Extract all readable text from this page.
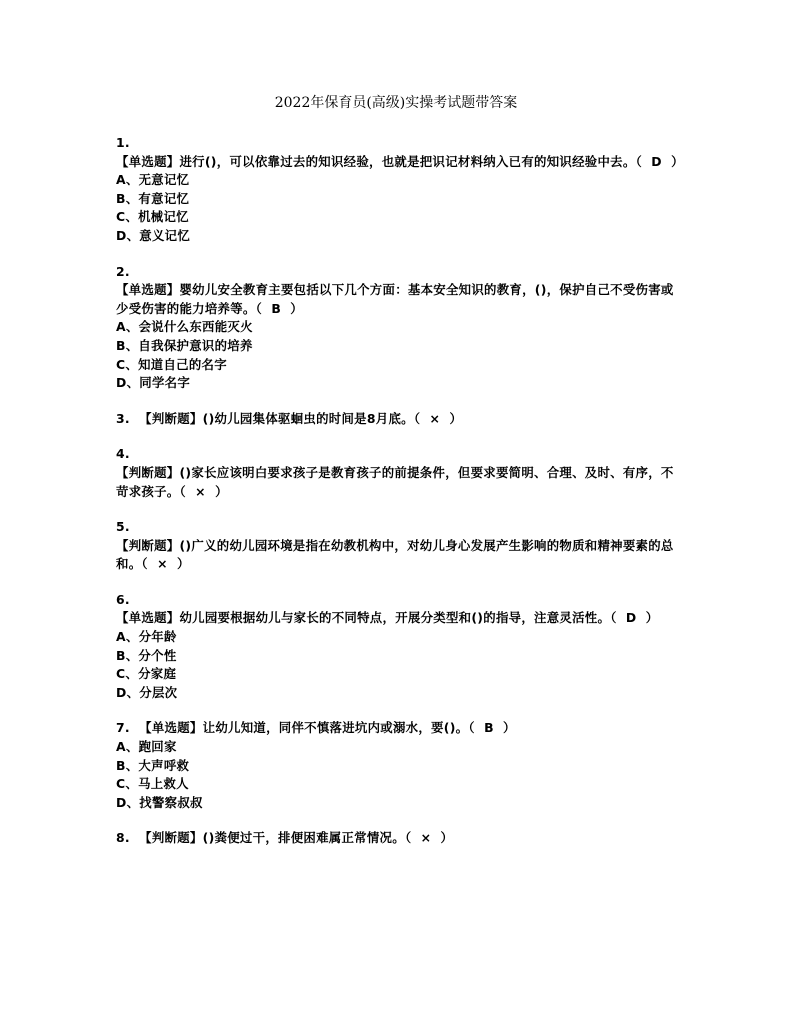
2022年保育员(高级)实操考试题带答案

1.

【单选题】进行()，可以依靠过去的知识经验，也就是把识记材料纳入已有的知识经验中去。（  D  ）

A、无意记忆

B、有意记忆

C、机械记忆

D、意义记忆

2.

【单选题】婴幼儿安全教育主要包括以下几个方面：基本安全知识的教育，()，保护自己不受伤害或少受伤害的能力培养等。（  B  ）

A、会说什么东西能灭火

B、自我保护意识的培养

C、知道自己的名字

D、同学名字

3. 【判断题】()幼儿园集体驱蛔虫的时间是8月底。（  ×  ）

4.

【判断题】()家长应该明白要求孩子是教育孩子的前提条件，但要求要简明、合理、及时、有序，不苛求孩子。（  ×  ）

5.

【判断题】()广义的幼儿园环境是指在幼教机构中，对幼儿身心发展产生影响的物质和精神要素的总和。（  ×  ）

6.

【单选题】幼儿园要根据幼儿与家长的不同特点，开展分类型和()的指导，注意灵活性。（  D  ）

A、分年龄

B、分个性

C、分家庭

D、分层次

7. 【单选题】让幼儿知道，同伴不慎落进坑内或溺水，要()。（  B  ）

A、跑回家

B、大声呼救

C、马上救人

D、找警察叔叔

8. 【判断题】()粪便过干，排便困难属正常情况。（  ×  ）
